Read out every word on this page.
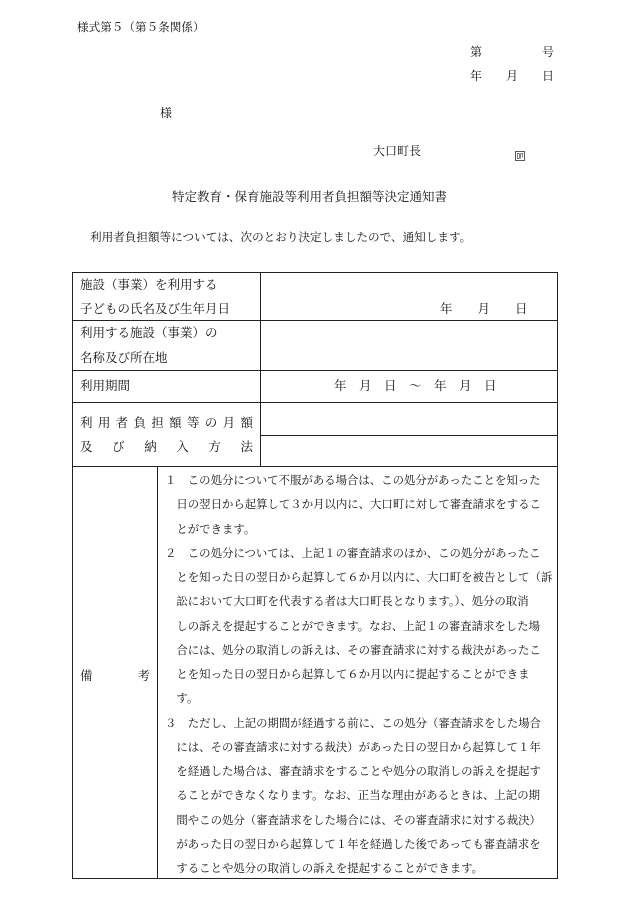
様式第５（第５条関係）
第　　　　　号
年　　月　　日
様
大口町長
特定教育・保育施設等利用者負担額等決定通知書
利用者負担額等については、次のとおり決定しましたので、通知します。
施設（事業）を利用する
子どもの氏名及び生年月日	年　　月　　日
利用する施設（事業）の
名称及び所在地
利用期間	年　月　日　～　年　月　日
利 用 者 負 担 額 等 の 月 額
及 び 納 入 方 法
備	考
１ この処分について不服がある場合は、この処分があったことを知った
日の翌日から起算して３か月以内に、大口町に対して審査請求をするこ
とができます。
２ この処分については、上記１の審査請求のほか、この処分があったこ
とを知った日の翌日から起算して６か月以内に、大口町を被告として（訴
訟において大口町を代表する者は大口町長となります。）、処分の取消
しの訴えを提起することができます。なお、上記１の審査請求をした場
合には、処分の取消しの訴えは、その審査請求に対する裁決があったこ
とを知った日の翌日から起算して６か月以内に提起することができま
す。
３ ただし、上記の期間が経過する前に、この処分（審査請求をした場合
には、その審査請求に対する裁決）があった日の翌日から起算して１年
を経過した場合は、審査請求をすることや処分の取消しの訴えを提起す
ることができなくなります。なお、正当な理由があるときは、上記の期
間やこの処分（審査請求をした場合には、その審査請求に対する裁決）
があった日の翌日から起算して１年を経過した後であっても審査請求を
することや処分の取消しの訴えを提起することができます。
